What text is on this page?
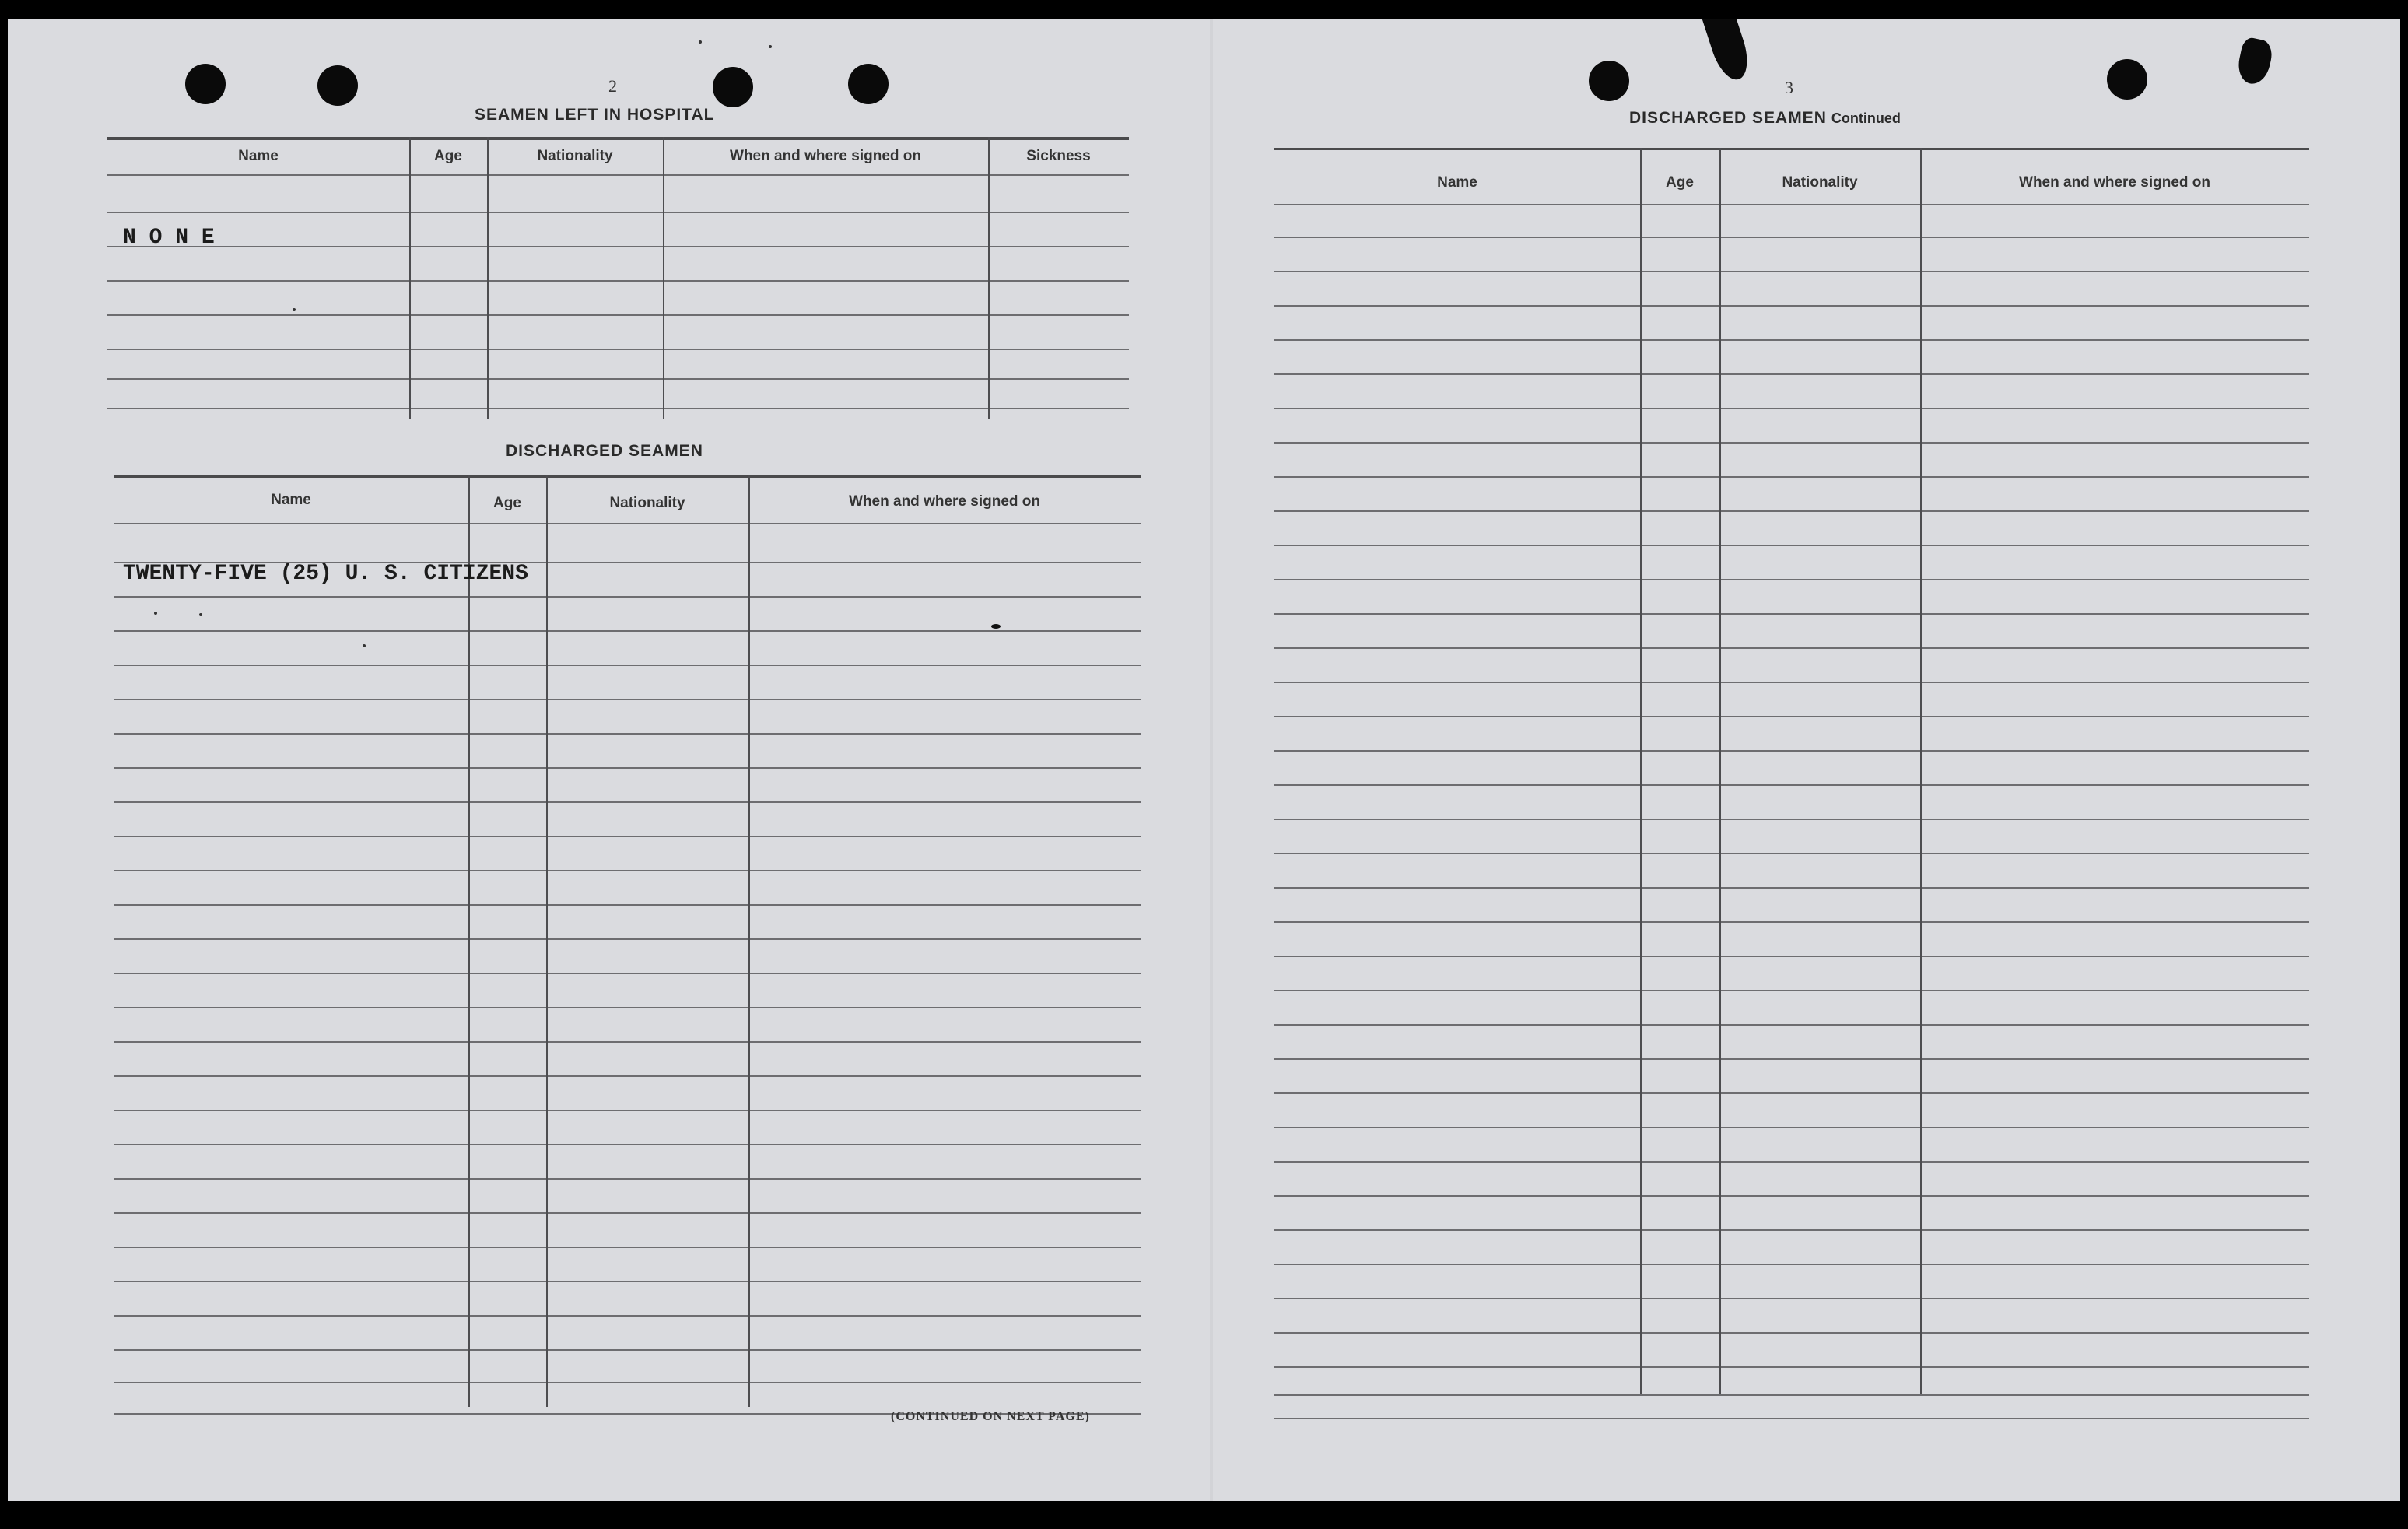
2
SEAMEN LEFT IN HOSPITAL
Name	Age	Nationality	When and where signed on	Sickness
N O N E
DISCHARGED SEAMEN
Name	Age	Nationality	When and where signed on
TWENTY-FIVE (25) U. S. CITIZENS
(CONTINUED ON NEXT PAGE)
3
DISCHARGED SEAMEN Continued
Name	Age	Nationality	When and where signed on
